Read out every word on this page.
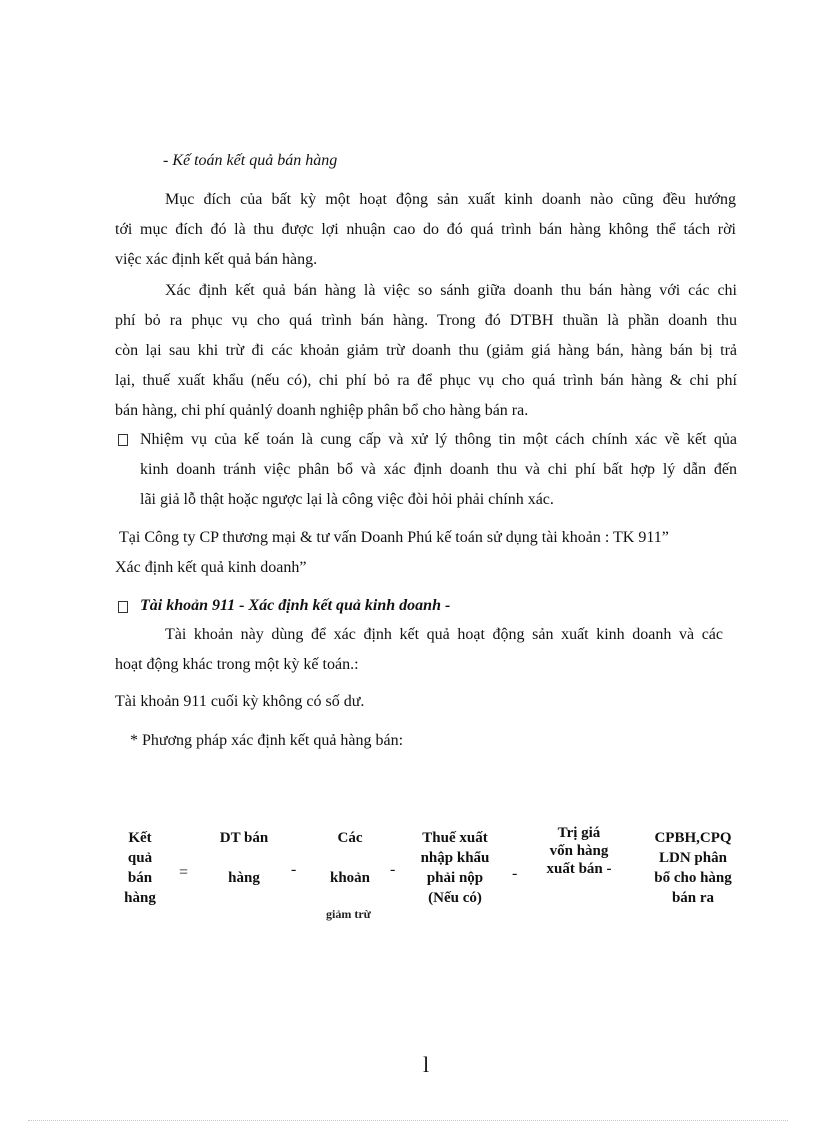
- Kế toán kết quả bán hàng
Mục đích của bất kỳ một hoạt động sản xuất kinh doanh nào cũng đều hướng
tới mục đích đó là thu được lợi nhuận cao do đó quá trình bán hàng không thể tách rời
việc xác định kết quả bán hàng.
Xác định kết quả bán hàng là việc so sánh giữa doanh thu bán hàng với các chi
phí bỏ ra phục vụ cho quá trình bán hàng. Trong đó DTBH thuần là phần doanh thu
còn lại sau khi trừ đi các khoản giảm trừ doanh thu (giảm giá hàng bán, hàng bán bị trả
lại, thuế xuất khẩu (nếu có), chi phí bỏ ra để phục vụ cho quá trình bán hàng & chi phí
bán hàng, chi phí quảnlý doanh nghiệp phân bổ cho hàng bán ra.
Nhiệm vụ của kế toán là cung cấp và xử lý thông tin một cách chính xác về kết qủa
kinh doanh tránh việc phân bổ và xác định doanh thu và chi phí bất hợp lý dẫn đến
lãi giả lỗ thật hoặc ngược lại là công việc đòi hỏi phải chính xác.
Tại Công ty CP thương mại & tư vấn Doanh Phú kế toán sử dụng tài khoản : TK 911”
Xác định kết quả kinh doanh”
Tài khoản 911 - Xác định kết quả kinh doanh -
Tài khoản này dùng để xác định kết quả hoạt động sản xuất kinh doanh và các
hoạt động khác trong một kỳ kế toán.:
Tài khoản 911 cuối kỳ không có số dư.
* Phương pháp xác định kết quả hàng bán:
Kết
quả
bán
hàng
=
DT bán
hàng	-
Các
khoản
giảm trừ
-
Thuế xuất
nhập khẩu
phải nộp
(Nếu có)
-
Trị giá
vốn hàng
xuất bán -
CPBH,CPQ
LDN phân
bổ cho hàng
bán ra
l
